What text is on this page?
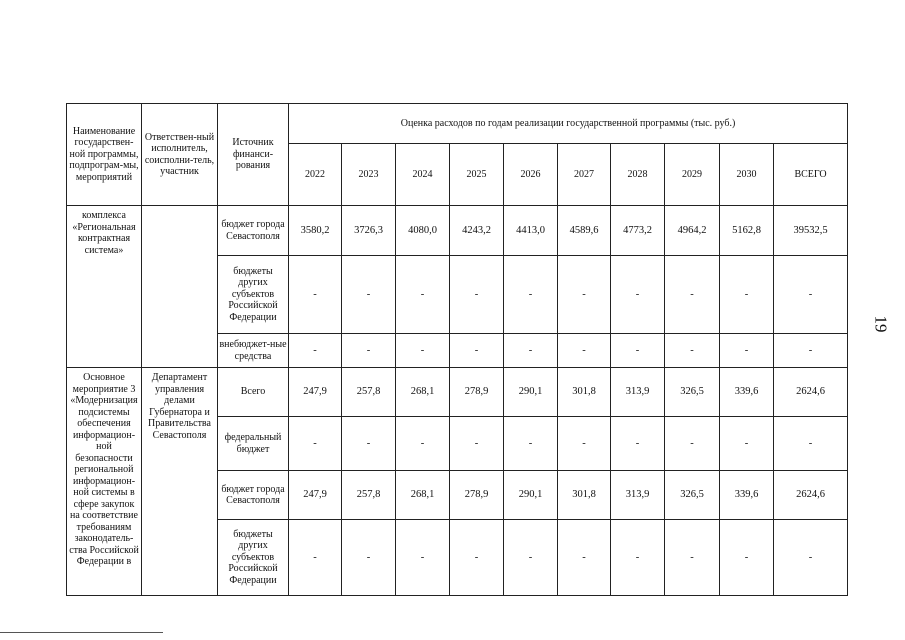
Наименование государствен-ной программы, подпрограм-мы, мероприятий	Ответствен-ный исполнитель, соисполни-тель, участник	Источник финанси-рования	Оценка расходов по годам реализации государственной программы (тыс. руб.)									
			2022	2023	2024	2025	2026	2027	2028	2029	2030	ВСЕГО
комплекса «Региональная контрактная система»		бюджет города Севастополя	3580,2	3726,3	4080,0	4243,2	4413,0	4589,6	4773,2	4964,2	5162,8	39532,5
		бюджеты других субъектов Российской Федерации	-	-	-	-	-	-	-	-	-	-
		внебюджет-ные средства	-	-	-	-	-	-	-	-	-	-
Основное мероприятие 3 «Модернизация подсистемы обеспечения информацион-ной безопасности региональной информацион-ной системы в сфере закупок на соответствие требованиям законодатель-ства Российской Федерации в	Департамент управления делами Губернатора и Правительства Севастополя	Всего	247,9	257,8	268,1	278,9	290,1	301,8	313,9	326,5	339,6	2624,6
		федеральный бюджет	-	-	-	-	-	-	-	-	-	-
		бюджет города Севастополя	247,9	257,8	268,1	278,9	290,1	301,8	313,9	326,5	339,6	2624,6
		бюджеты других субъектов Российской Федерации	-	-	-	-	-	-	-	-	-	-
19
